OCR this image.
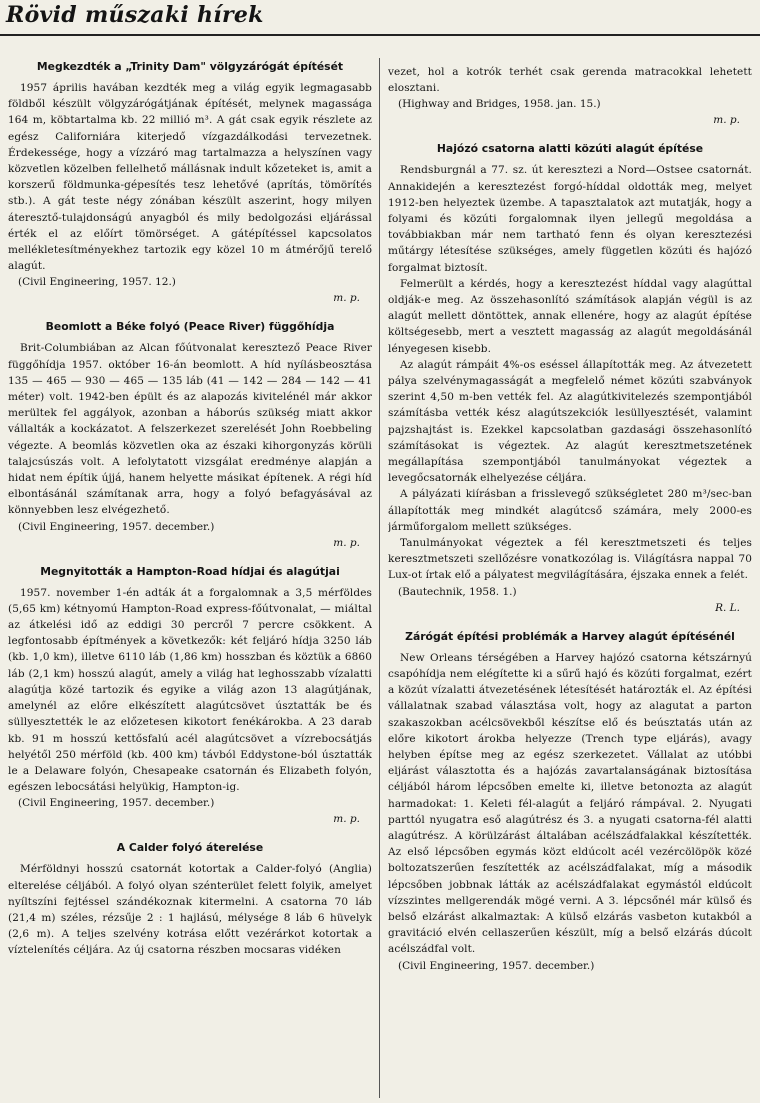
Rövid műszaki hírek
Megkezdték a „Trinity Dam" völgyzárógát építését

1957 április havában kezdték meg a világ egyik legmagasabb földből készült völgyzárógátjának építését, melynek magassága 164 m, köbtartalma kb. 22 millió m³. A gát csak egyik részlete az egész Californiára kiterjedő vízgazdálkodási tervezetnek. Érdekessége, hogy a vízzáró mag tartalmazza a helyszínen vagy közvetlen közelben fellelhető mállásnak indult kőzeteket is, amit a korszerű földmunka-gépesítés tesz lehetővé (aprítás, tömörítés stb.). A gát teste négy zónában készült aszerint, hogy milyen áteresztő-tulajdonságú anyagból és mily bedolgozási eljárással érték el az előírt tömörséget. A gátépítéssel kapcsolatos mellékletesítményekhez tartozik egy közel 10 m átmérőjű terelő alagút.

(Civil Engineering, 1957. 12.)

m. p.

Beomlott a Béke folyó (Peace River) függőhídja

Brit-Columbiában az Alcan főútvonalat keresztező Peace River függőhídja 1957. október 16-án beomlott. A híd nyílásbeosztása 135 — 465 — 930 — 465 — 135 láb (41 — 142 — 284 — 142 — 41 méter) volt. 1942-ben épült és az alapozás kivitelénél már akkor merültek fel aggályok, azonban a háborús szükség miatt akkor vállalták a kockázatot. A felszerkezet szerelését John Roebbeling végezte. A beomlás közvetlen oka az északi kihorgonyzás körüli talajcsúszás volt. A lefolytatott vizsgálat eredménye alapján a hidat nem építik újjá, hanem helyette másikat építenek. A régi híd elbontásánál számítanak arra, hogy a folyó befagyásával az könnyebben lesz elvégezhető.

(Civil Engineering, 1957. december.)

m. p.

Megnyitották a Hampton-Road hídjai és alagútjai

1957. november 1-én adták át a forgalomnak a 3,5 mérföldes (5,65 km) kétnyomú Hampton-Road express-főútvonalat, — miáltal az átkelési idő az eddigi 30 percről 7 percre csökkent. A legfontosabb építmények a következők: két feljáró hídja 3250 láb (kb. 1,0 km), illetve 6110 láb (1,86 km) hosszban és köztük a 6860 láb (2,1 km) hosszú alagút, amely a világ hat leghosszabb vízalatti alagútja közé tartozik és egyike a világ azon 13 alagútjának, amelynél az előre elkészített alagútcsövet úsztatták be és süllyesztették le az előzetesen kikotort fenékárokba. A 23 darab kb. 91 m hosszú kettősfalú acél alagútcsövet a vízrebocsátjás helyétől 250 mérföld (kb. 400 km) távból Eddystone-ból úsztatták le a Delaware folyón, Chesapeake csatornán és Elizabeth folyón, egészen lebocsátási helyükig, Hampton-ig.

(Civil Engineering, 1957. december.)

m. p.

A Calder folyó áterelése

Mérföldnyi hosszú csatornát kotortak a Calder-folyó (Anglia) elterelése céljából. A folyó olyan szénterület felett folyik, amelyet nyíltszíni fejtéssel szándékoznak kitermelni. A csatorna 70 láb (21,4 m) széles, rézsűje 2 : 1 hajlású, mélysége 8 láb 6 hüvelyk (2,6 m). A teljes szelvény kotrása előtt vezérárkot kotortak a víztelenítés céljára. Az új csatorna részben mocsaras vidéken

vezet, hol a kotrók terhét csak gerenda matracokkal lehetett elosztani.

(Highway and Bridges, 1958. jan. 15.)

m. p.

Hajózó csatorna alatti közúti alagút építése

Rendsburgnál a 77. sz. út keresztezi a Nord—Ostsee csatornát. Annakidején a keresztezést forgó-híddal oldották meg, melyet 1912-ben helyeztek üzembe. A tapasztalatok azt mutatják, hogy a folyami és közúti forgalomnak ilyen jellegű megoldása a továbbiakban már nem tartható fenn és olyan keresztezési műtárgy létesítése szükséges, amely független közúti és hajózó forgalmat biztosít.

Felmerült a kérdés, hogy a keresztezést híddal vagy alagúttal oldják-e meg. Az összehasonlító számítások alapján végül is az alagút mellett döntöttek, annak ellenére, hogy az alagút építése költségesebb, mert a vesztett magasság az alagút megoldásánál lényegesen kisebb.

Az alagút rámpáit 4%-os eséssel állapították meg. Az átvezetett pálya szelvénymagasságát a megfelelő német közúti szabványok szerint 4,50 m-ben vették fel. Az alagútkivitelezés szempontjából számításba vették kész alagútszekciók lesüllyesztését, valamint pajzshajtást is. Ezekkel kapcsolatban gazdasági összehasonlító számításokat is végeztek. Az alagút keresztmetszetének megállapítása szempontjából tanulmányokat végeztek a levegőcsatornák elhelyezése céljára.

A pályázati kiírásban a frisslevegő szükségletet 280 m³/sec-ban állapították meg mindkét alagútcső számára, mely 2000-es járműforgalom mellett szükséges.

Tanulmányokat végeztek a fél keresztmetszeti és teljes keresztmetszeti szellőzésre vonatkozólag is. Világításra nappal 70 Lux-ot írtak elő a pályatest megvilágítására, éjszaka ennek a felét.

(Bautechnik, 1958. 1.)

R. L.

Zárógát építési problémák a Harvey alagút építésénél

New Orleans térségében a Harvey hajózó csatorna kétszárnyú csapóhídja nem elégítette ki a sűrű hajó és közúti forgalmat, ezért a közút vízalatti átvezetésének létesítését határozták el. Az építési vállalatnak szabad választása volt, hogy az alagutat a parton szakaszokban acélcsövekből készítse elő és beúsztatás után az előre kikotort árokba helyezze (Trench type eljárás), avagy helyben építse meg az egész szerkezetet. Vállalat az utóbbi eljárást választotta és a hajózás zavartalanságának biztosítása céljából három lépcsőben emelte ki, illetve betonozta az alagút harmadokat: 1. Keleti fél-alagút a feljáró rámpával. 2. Nyugati parttól nyugatra eső alagútrész és 3. a nyugati csatorna-fél alatti alagútrész. A körülzárást általában acélszádfalakkal készítették. Az első lépcsőben egymás közt eldúcolt acél vezércölöpök közé boltozatszerűen feszítették az acélszádfalakat, míg a második lépcsőben jobbnak látták az acélszádfalakat egymástól eldúcolt vízszintes mellgerendák mögé verni. A 3. lépcsőnél már külső és belső elzárást alkalmaztak: A külső elzárás vasbeton kutakból a gravitáció elvén cellaszerűen készült, míg a belső elzárás dúcolt acélszádfal volt.

(Civil Engineering, 1957. december.)
